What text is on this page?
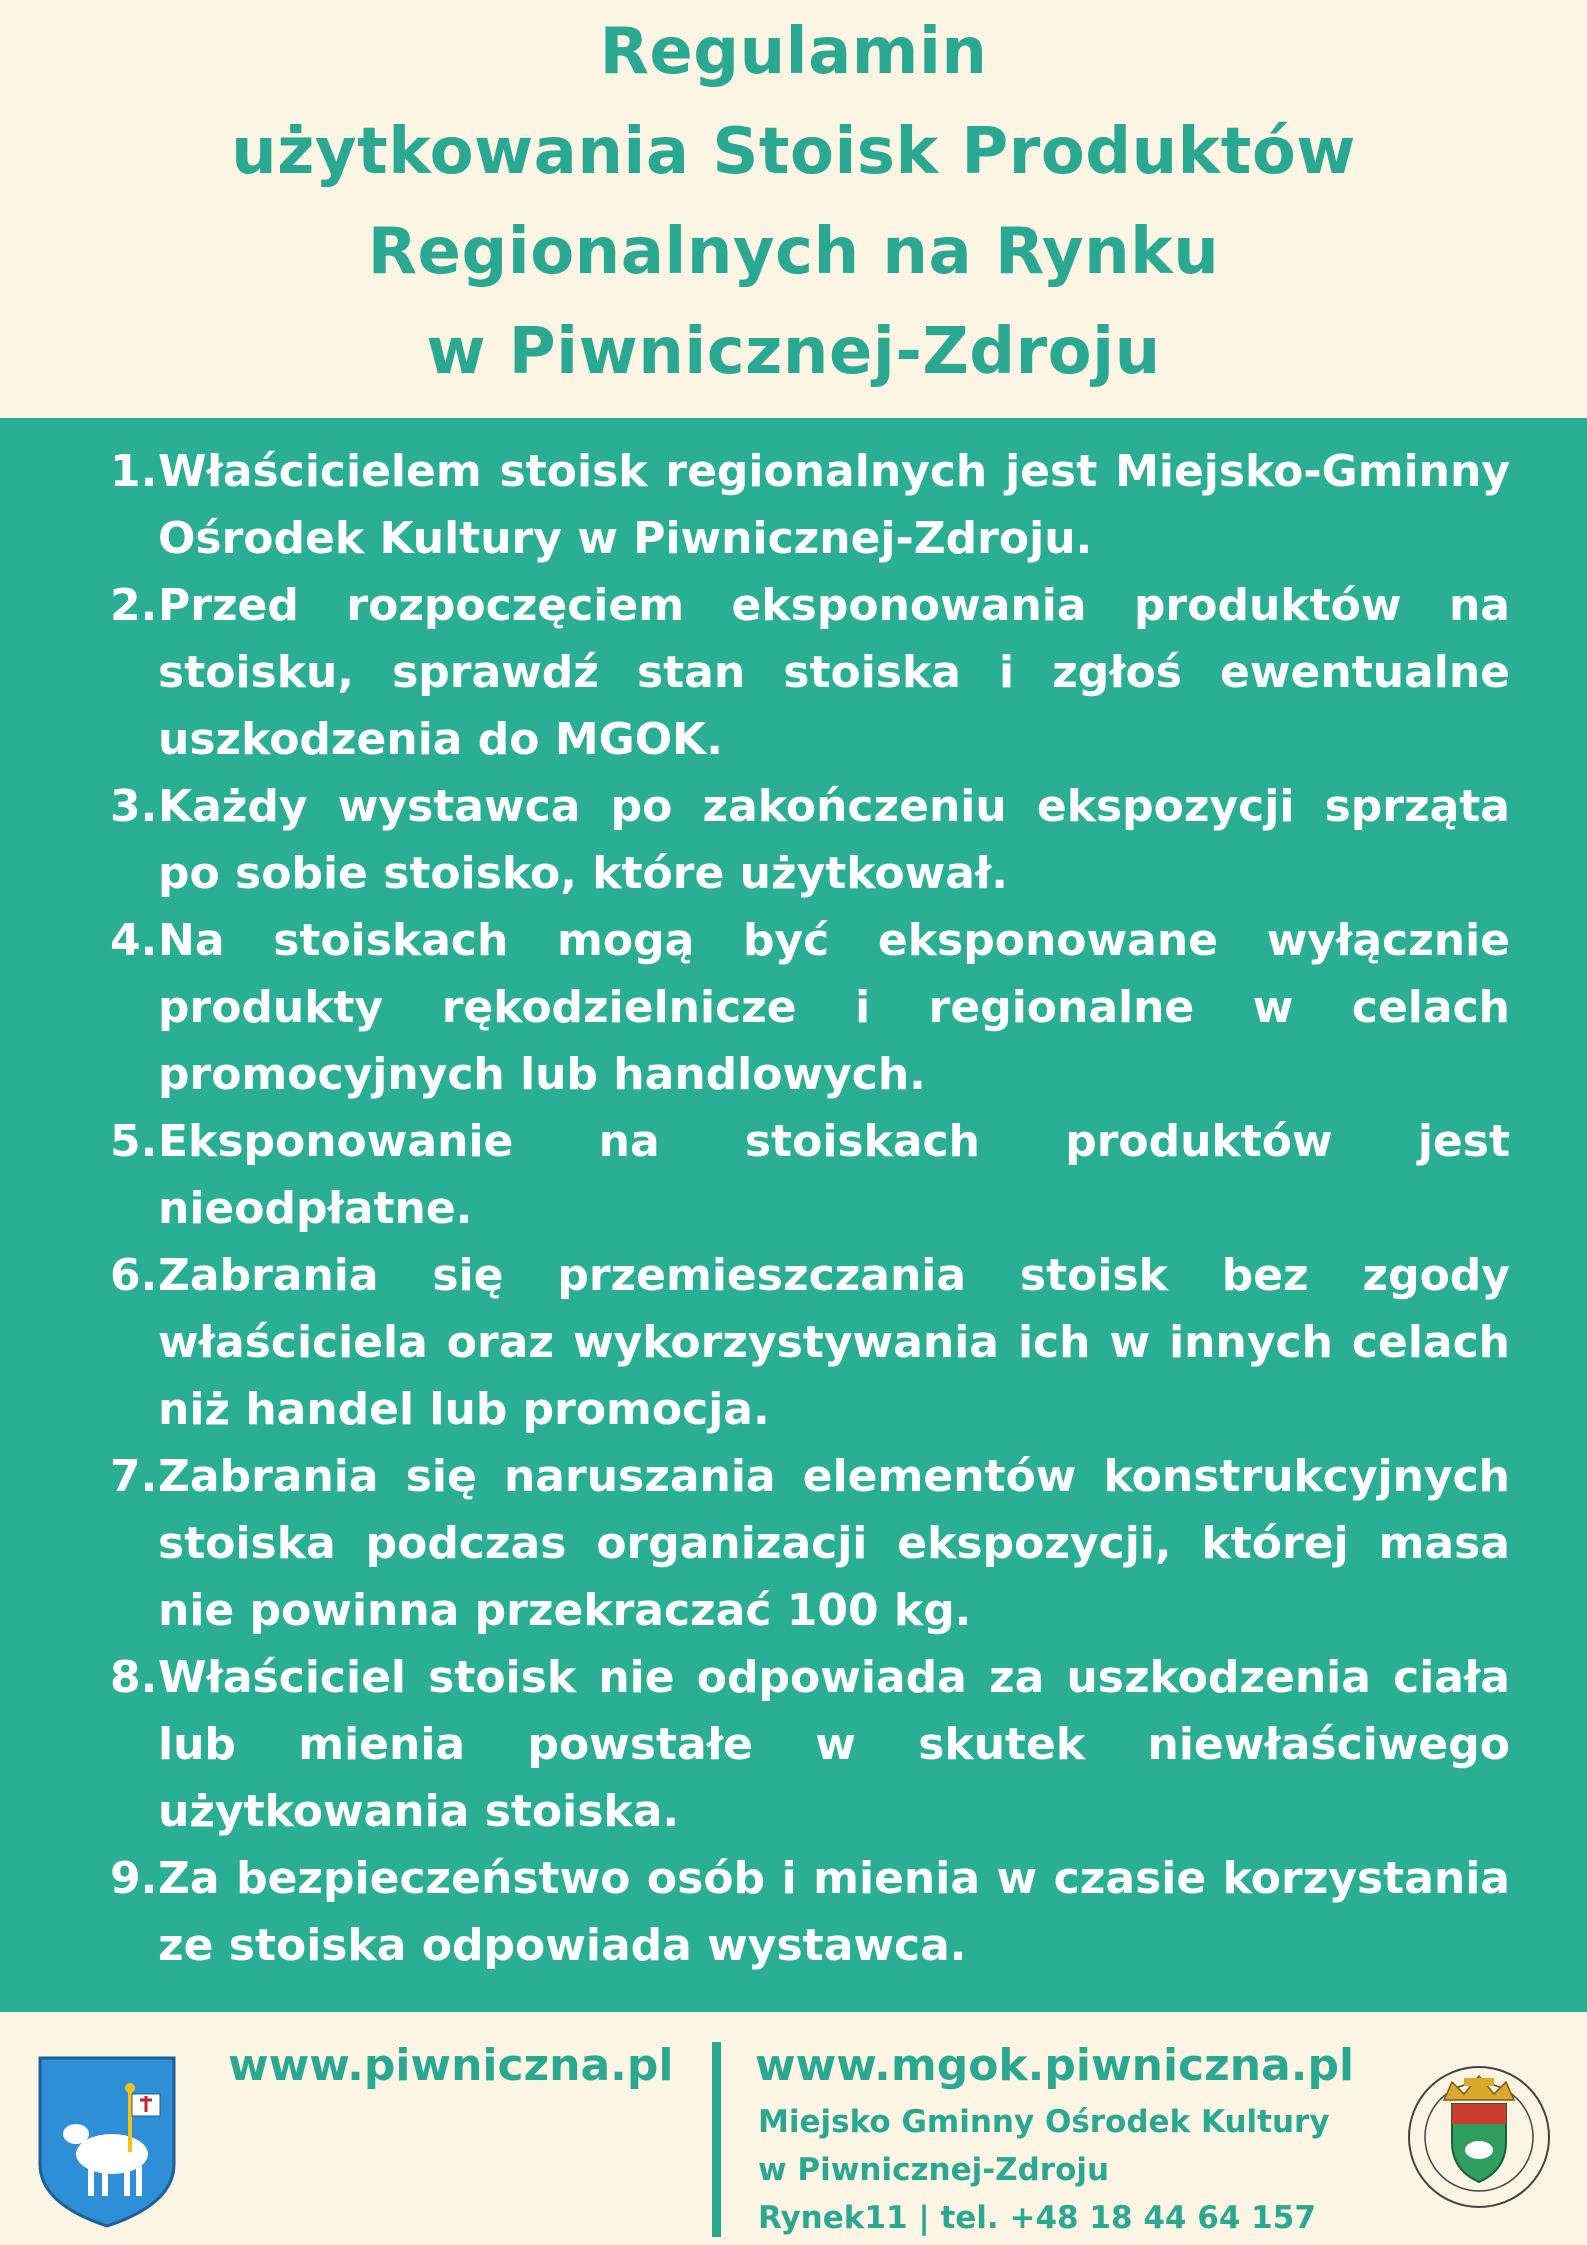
Regulamin
użytkowania Stoisk Produktów
Regionalnych na Rynku
w Piwnicznej-Zdroju
1. Właścicielem stoisk regionalnych jest Miejsko-Gminny Ośrodek Kultury w Piwnicznej-Zdroju.
2. Przed rozpoczęciem eksponowania produktów na stoisku, sprawdź stan stoiska i zgłoś ewentualne uszkodzenia do MGOK.
3. Każdy wystawca po zakończeniu ekspozycji sprząta po sobie stoisko, które użytkował.
4. Na stoiskach mogą być eksponowane wyłącznie produkty rękodzielnicze i regionalne w celach promocyjnych lub handlowych.
5. Eksponowanie na stoiskach produktów jest nieodpłatne.
6. Zabrania się przemieszczania stoisk bez zgody właściciela oraz wykorzystywania ich w innych celach niż handel lub promocja.
7. Zabrania się naruszania elementów konstrukcyjnych stoiska podczas organizacji ekspozycji, której masa nie powinna przekraczać 100 kg.
8. Właściciel stoisk nie odpowiada za uszkodzenia ciała lub mienia powstałe w skutek niewłaściwego użytkowania stoiska.
9. Za bezpieczeństwo osób i mienia w czasie korzystania ze stoiska odpowiada wystawca.
www.piwniczna.pl www.mgok.piwniczna.pl
Miejsko Gminny Ośrodek Kultury
w Piwnicznej-Zdroju
Rynek11 | tel. +48 18 44 64 157
